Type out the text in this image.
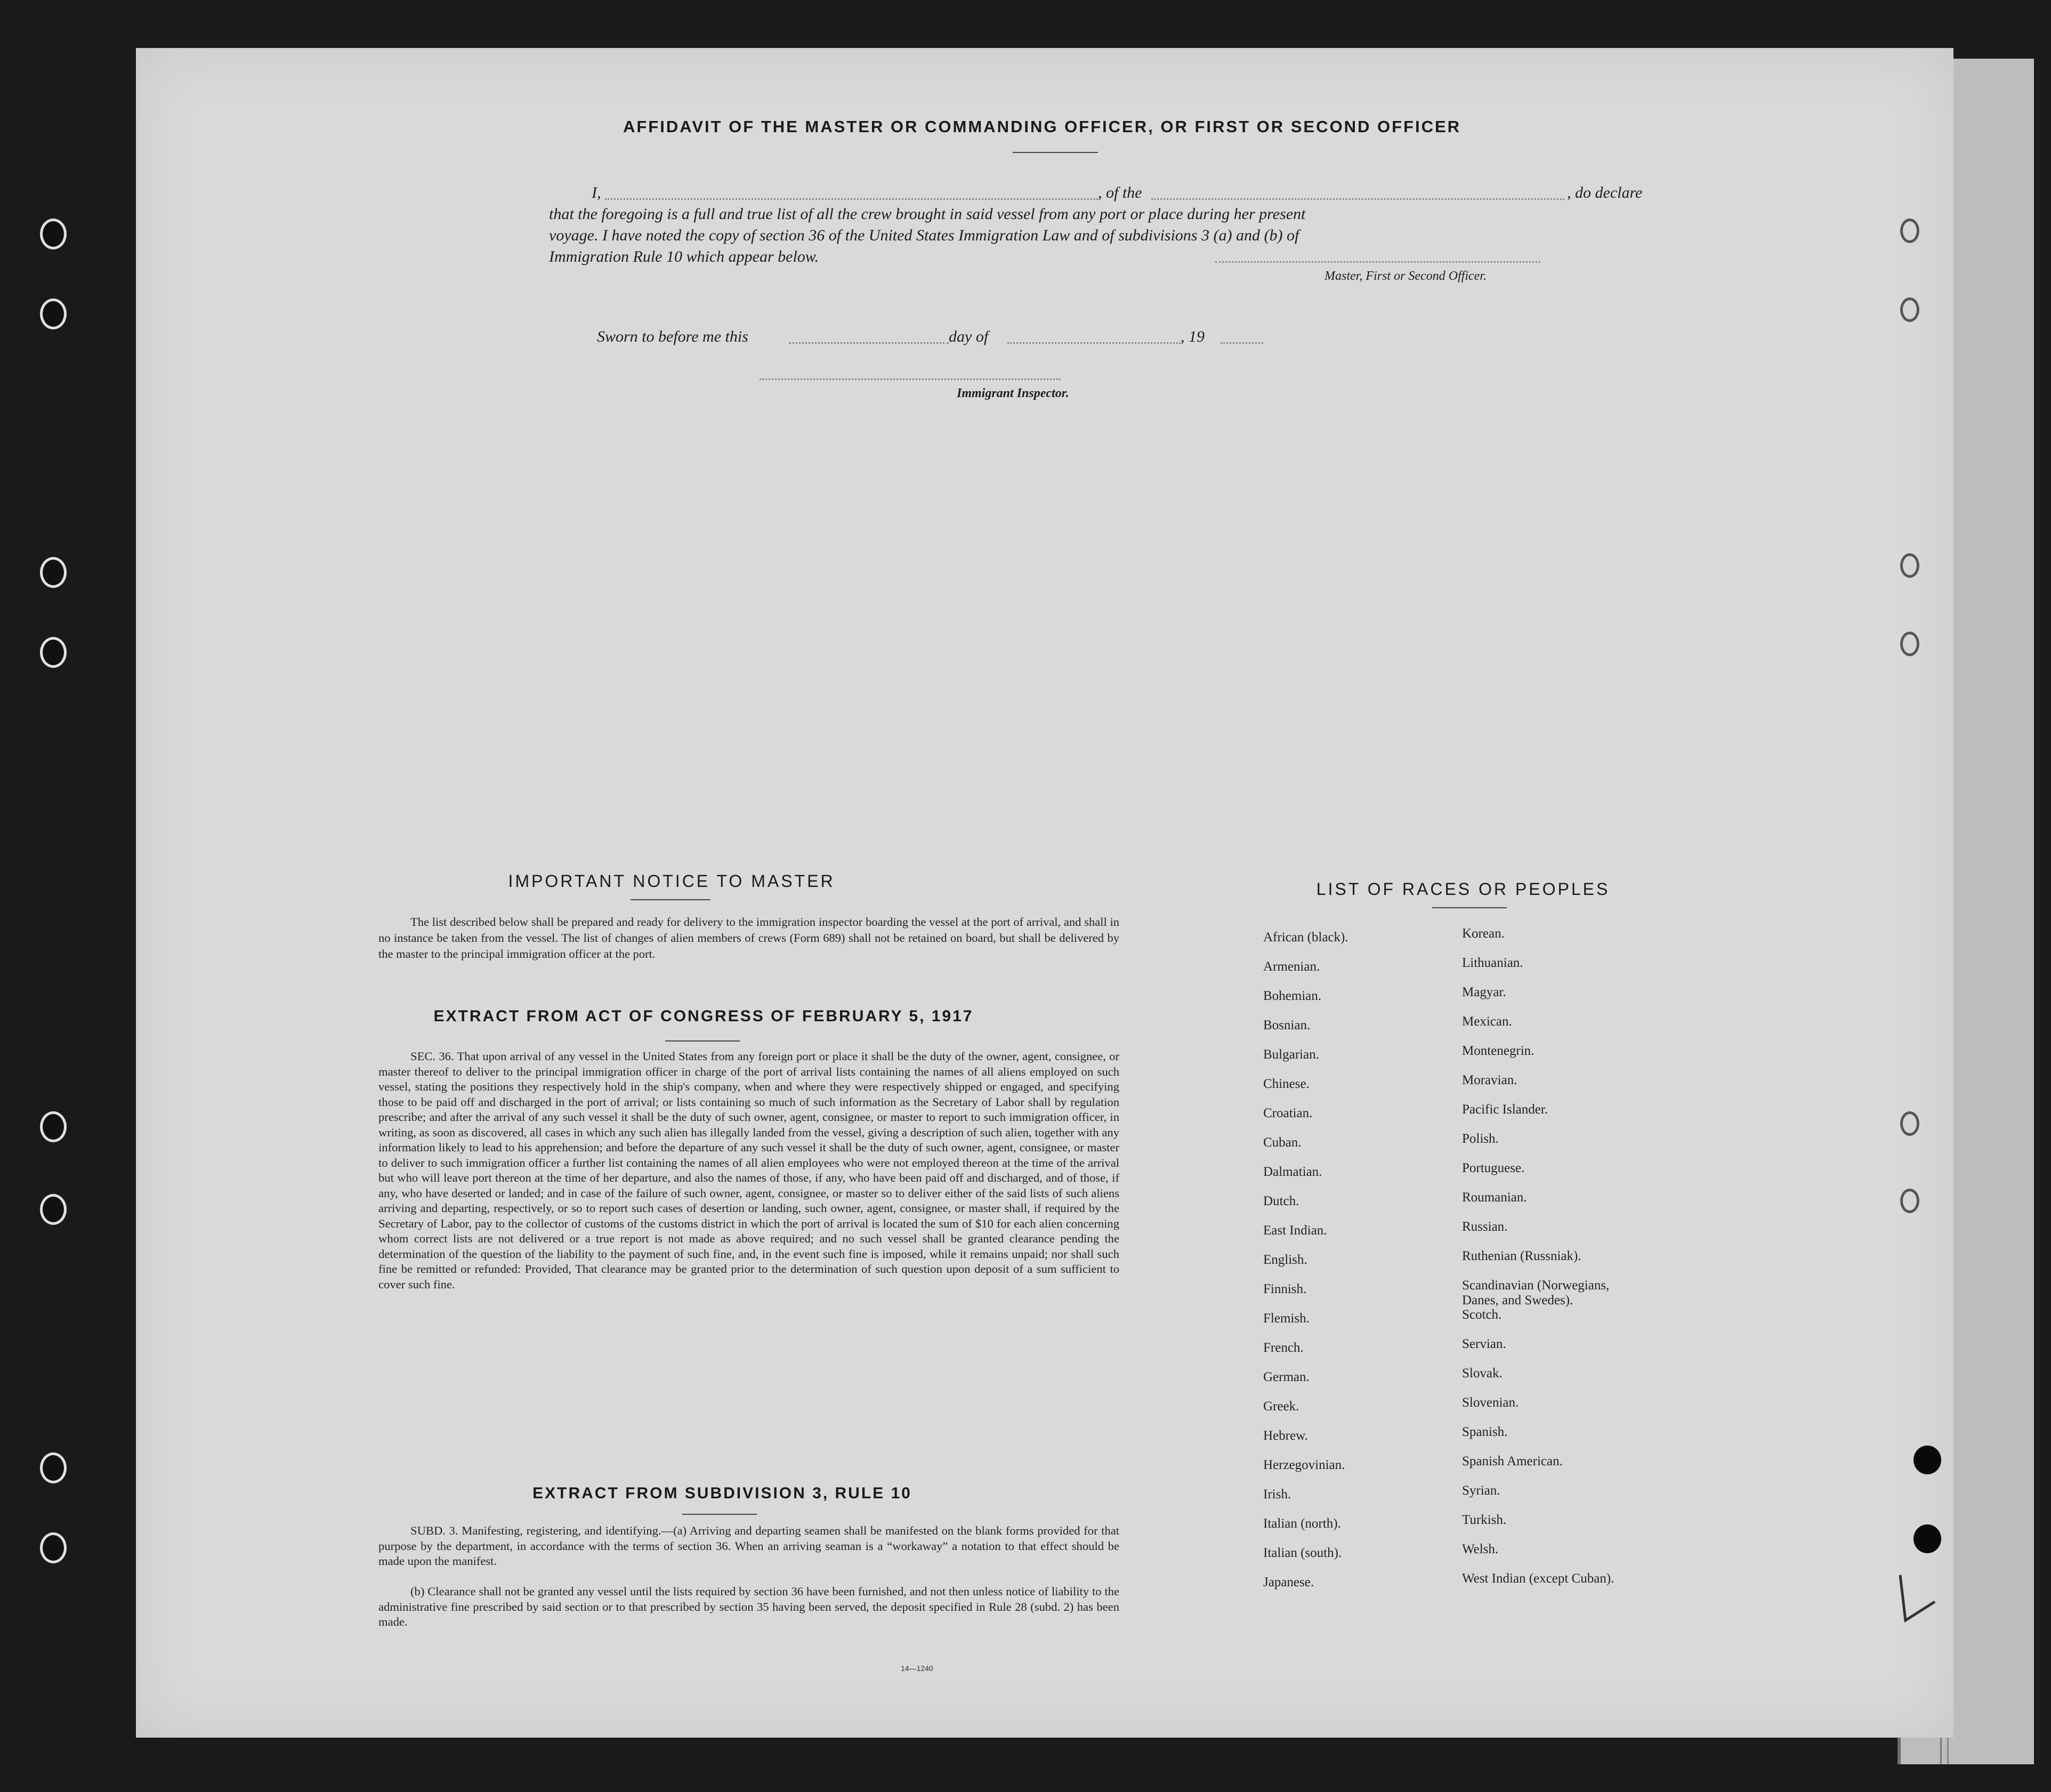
AFFIDAVIT OF THE MASTER OR COMMANDING OFFICER, OR FIRST OR SECOND OFFICER
I,	, of the	, do declare
that the foregoing is a full and true list of all the crew brought in said vessel from any port or place during her present
voyage. I have noted the copy of section 36 of the United States Immigration Law and of subdivisions 3 (a) and (b) of
Immigration Rule 10 which appear below.
Master, First or Second Officer.
Sworn to before me this	day of	, 19
Immigrant Inspector.
IMPORTANT NOTICE TO MASTER
The list described below shall be prepared and ready for delivery to the immigration inspector boarding the vessel at the port of arrival, and shall in no instance be taken from the vessel. The list of changes of alien members of crews (Form 689) shall not be retained on board, but shall be delivered by the master to the principal immigration officer at the port.
EXTRACT FROM ACT OF CONGRESS OF FEBRUARY 5, 1917
SEC. 36. That upon arrival of any vessel in the United States from any foreign port or place it shall be the duty of the owner, agent, consignee, or master thereof to deliver to the principal immigration officer in charge of the port of arrival lists containing the names of all aliens employed on such vessel, stating the positions they respectively hold in the ship's company, when and where they were respectively shipped or engaged, and specifying those to be paid off and discharged in the port of arrival; or lists containing so much of such information as the Secretary of Labor shall by regulation prescribe; and after the arrival of any such vessel it shall be the duty of such owner, agent, consignee, or master to report to such immigration officer, in writing, as soon as discovered, all cases in which any such alien has illegally landed from the vessel, giving a description of such alien, together with any information likely to lead to his apprehension; and before the departure of any such vessel it shall be the duty of such owner, agent, consignee, or master to deliver to such immigration officer a further list containing the names of all alien employees who were not employed thereon at the time of the arrival but who will leave port thereon at the time of her departure, and also the names of those, if any, who have been paid off and discharged, and of those, if any, who have deserted or landed; and in case of the failure of such owner, agent, consignee, or master so to deliver either of the said lists of such aliens arriving and departing, respectively, or so to report such cases of desertion or landing, such owner, agent, consignee, or master shall, if required by the Secretary of Labor, pay to the collector of customs of the customs district in which the port of arrival is located the sum of $10 for each alien concerning whom correct lists are not delivered or a true report is not made as above required; and no such vessel shall be granted clearance pending the determination of the question of the liability to the payment of such fine, and, in the event such fine is imposed, while it remains unpaid; nor shall such fine be remitted or refunded: Provided, That clearance may be granted prior to the determination of such question upon deposit of a sum sufficient to cover such fine.
EXTRACT FROM SUBDIVISION 3, RULE 10
SUBD. 3. Manifesting, registering, and identifying.—(a) Arriving and departing seamen shall be manifested on the blank forms provided for that purpose by the department, in accordance with the terms of section 36. When an arriving seaman is a “workaway” a notation to that effect should be made upon the manifest.
(b) Clearance shall not be granted any vessel until the lists required by section 36 have been furnished, and not then unless notice of liability to the administrative fine prescribed by said section or to that prescribed by section 35 having been served, the deposit specified in Rule 28 (subd. 2) has been made.
14—1240
LIST OF RACES OR PEOPLES
African (black).
Armenian.
Bohemian.
Bosnian.
Bulgarian.
Chinese.
Croatian.
Cuban.
Dalmatian.
Dutch.
East Indian.
English.
Finnish.
Flemish.
French.
German.
Greek.
Hebrew.
Herzegovinian.
Irish.
Italian (north).
Italian (south).
Japanese.
Korean.
Lithuanian.
Magyar.
Mexican.
Montenegrin.
Moravian.
Pacific Islander.
Polish.
Portuguese.
Roumanian.
Russian.
Ruthenian (Russniak).
Scandinavian (Norwegians, Danes, and Swedes).
Scotch.
Servian.
Slovak.
Slovenian.
Spanish.
Spanish American.
Syrian.
Turkish.
Welsh.
West Indian (except Cuban).
